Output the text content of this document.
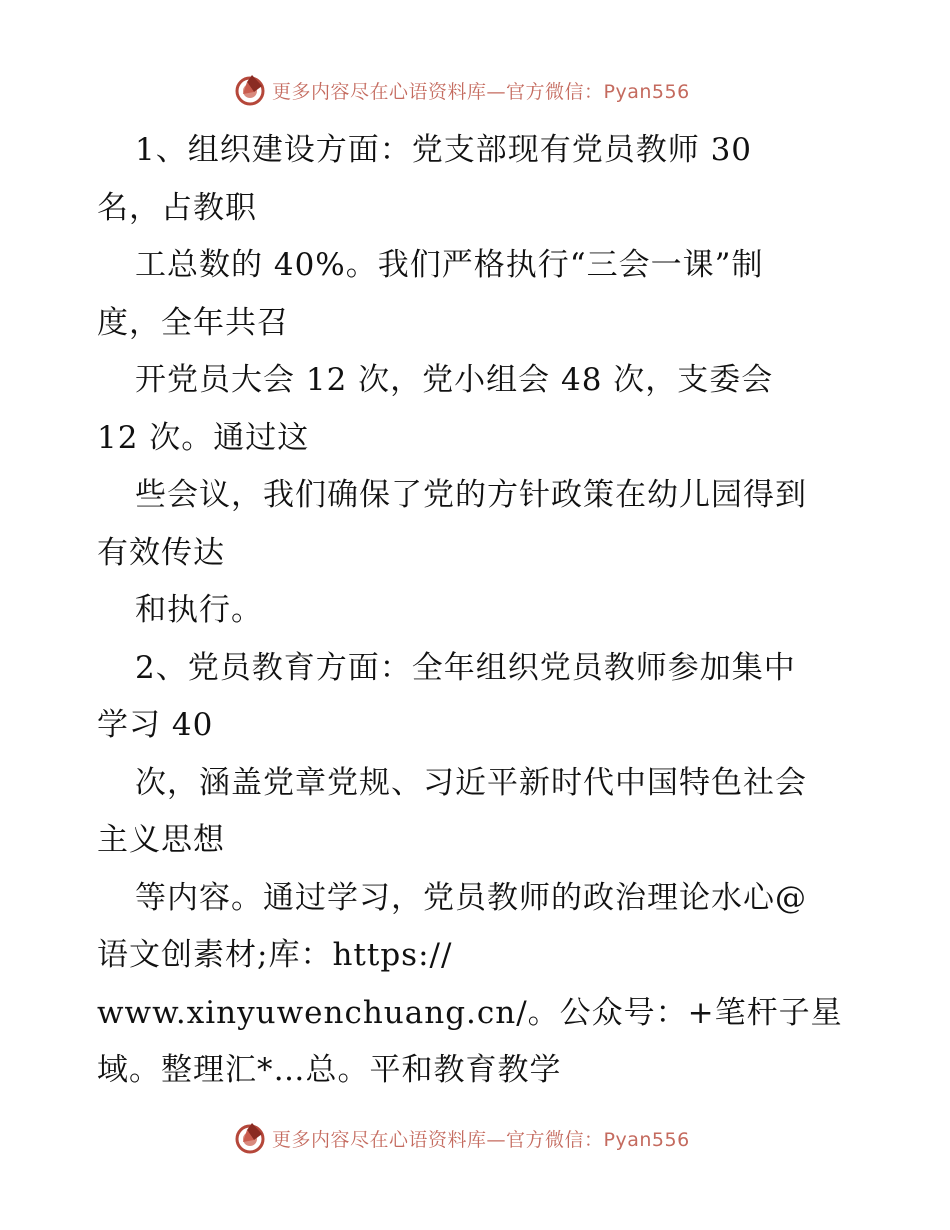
更多内容尽在心语资料库—官方微信：Pyan556
1、组织建设方面：党支部现有党员教师 30
名，占教职
工总数的 40%。我们严格执行“三会一课”制
度，全年共召
开党员大会 12 次，党小组会 48 次，支委会
12 次。通过这
些会议，我们确保了党的方针政策在幼儿园得到
有效传达
和执行。
2、党员教育方面：全年组织党员教师参加集中
学习 40
次，涵盖党章党规、习近平新时代中国特色社会
主义思想
等内容。通过学习，党员教师的政治理论水心@
语文创素材;库：https://
www.xinyuwenchuang.cn/。公众号：+笔杆子星
域。整理汇*…总。平和教育教学
更多内容尽在心语资料库—官方微信：Pyan556
